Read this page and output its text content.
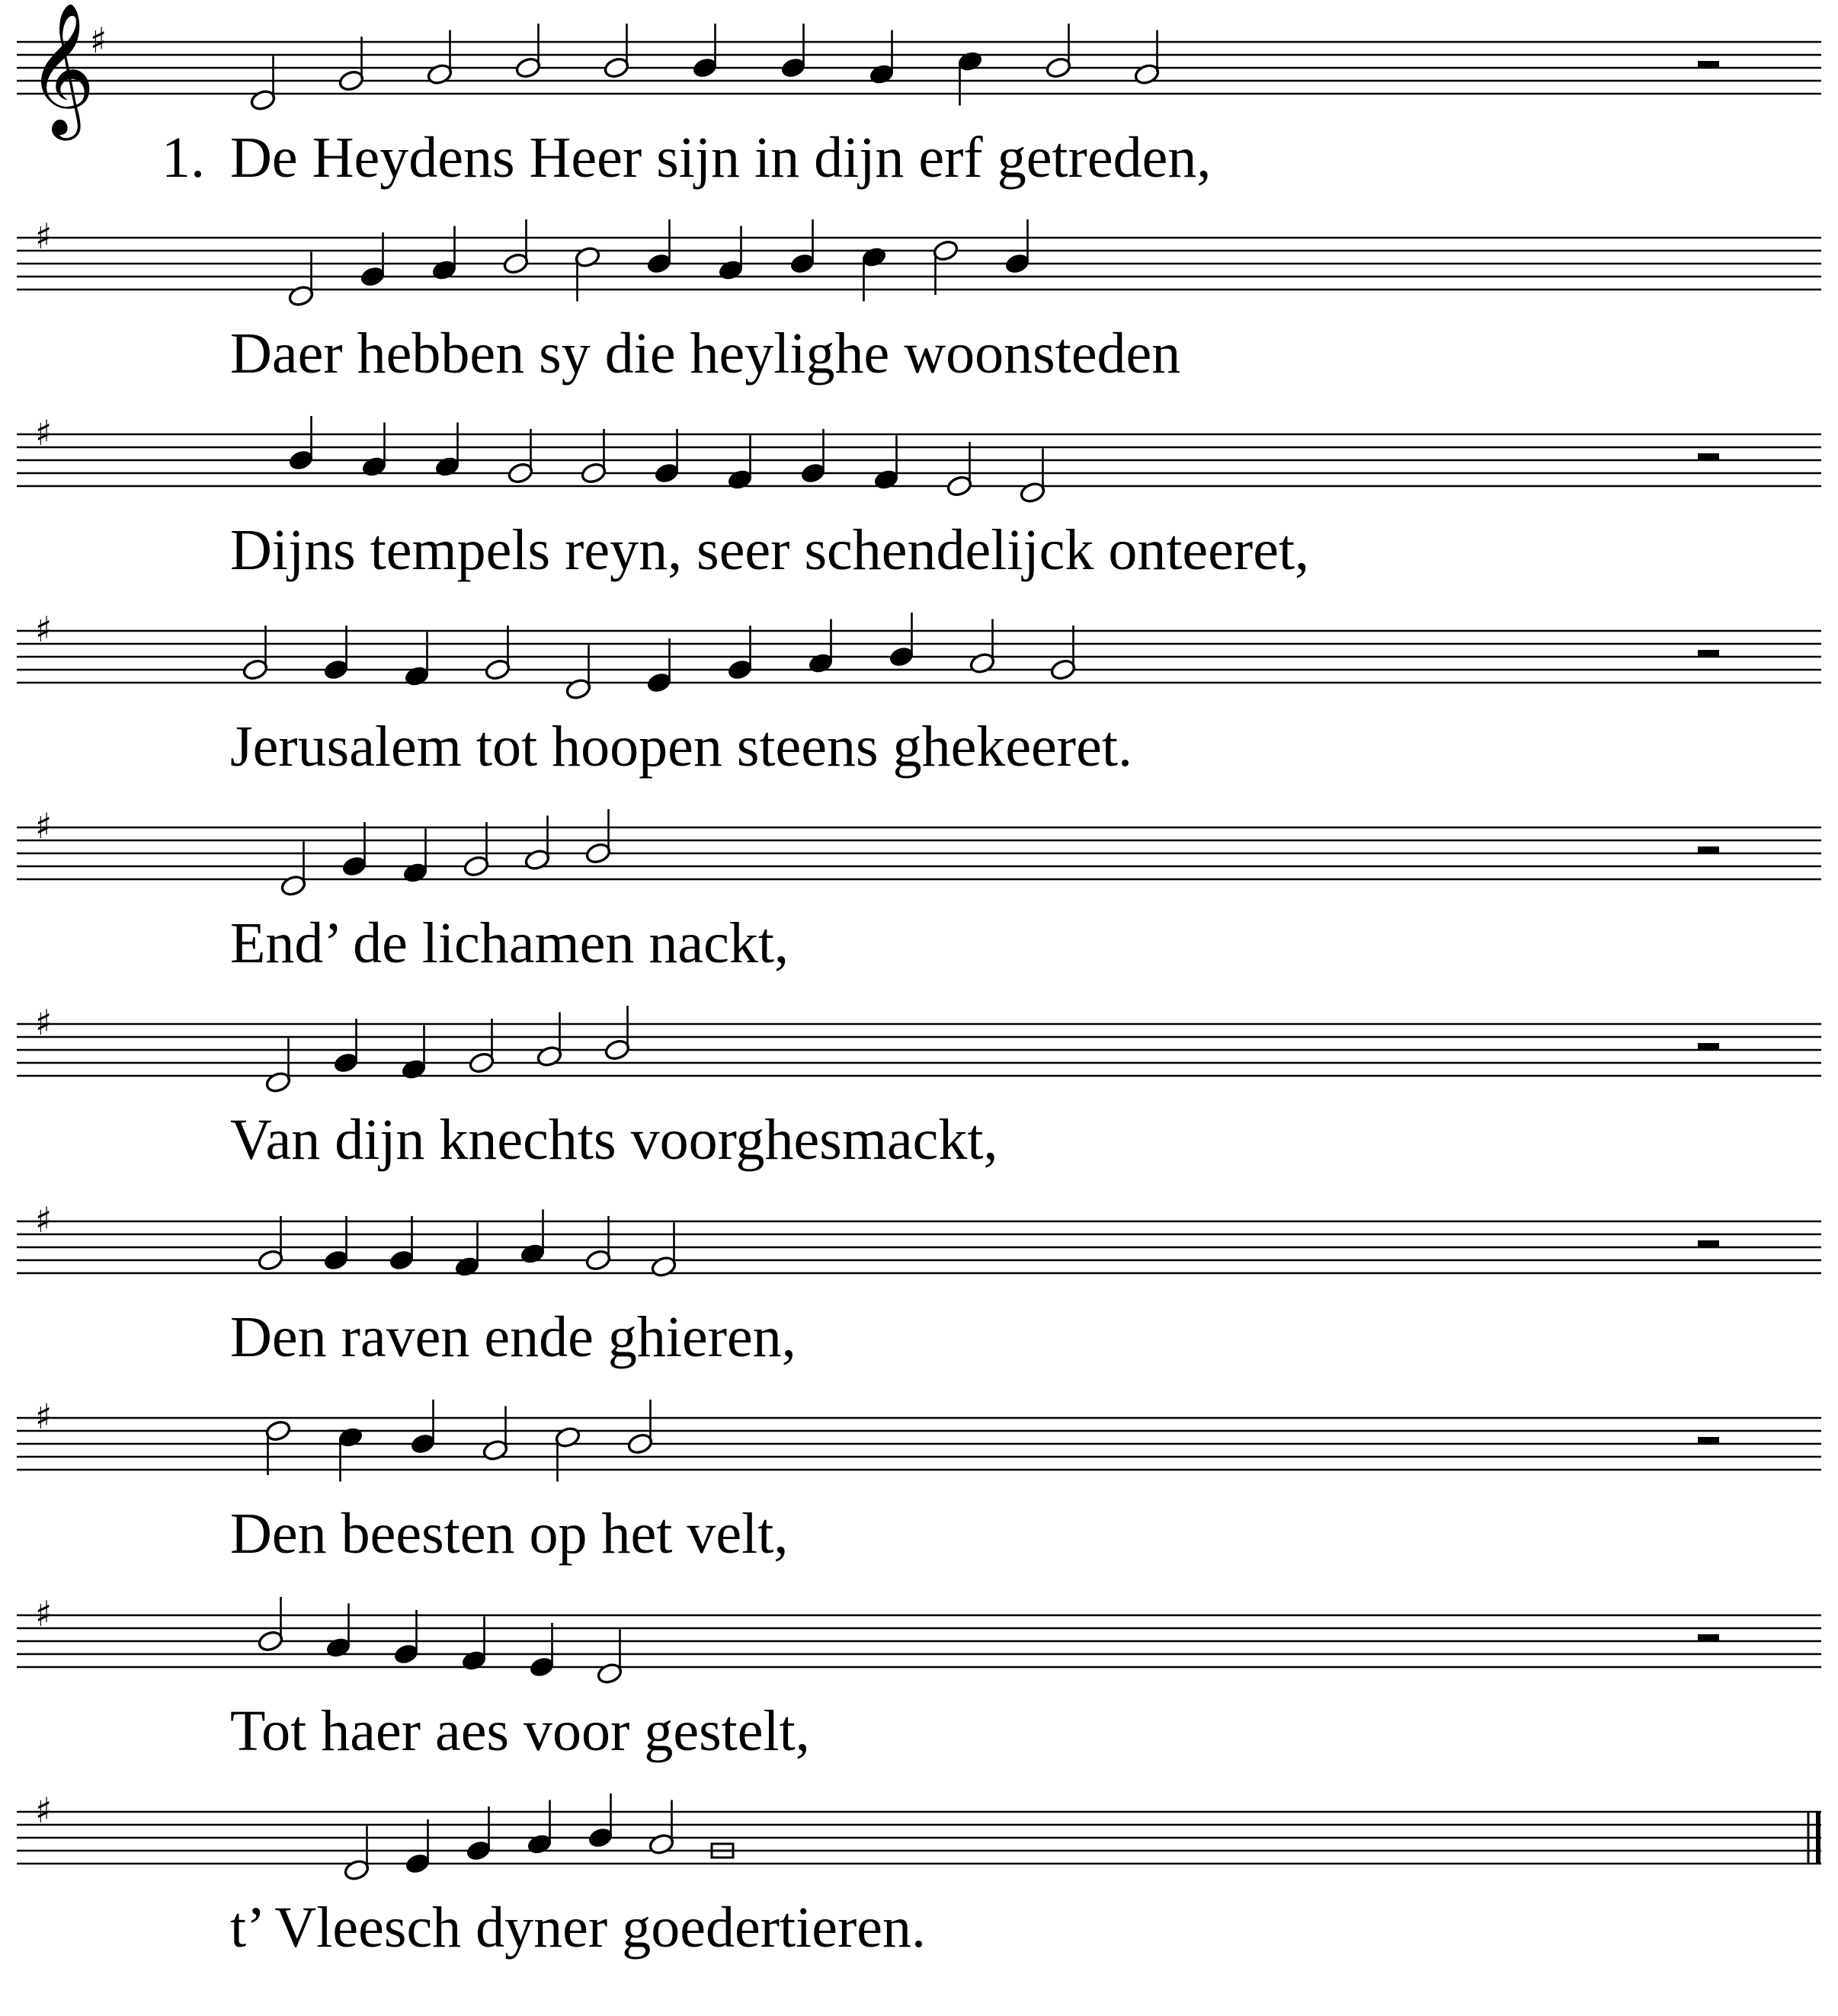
𝄞
♯
♯
♯
♯
♯
♯
♯
♯
♯
♯
1. De Heydens Heer sijn in dijn erf getreden,
Daer hebben sy die heylighe woonsteden
Dijns tempels reyn, seer schendelijck onteeret,
Jerusalem tot hoopen steens ghekeeret.
End’ de lichamen nackt,
Van dijn knechts voorghesmackt,
Den raven ende ghieren,
Den beesten op het velt,
Tot haer aes voor gestelt,
t’ Vleesch dyner goedertieren.
